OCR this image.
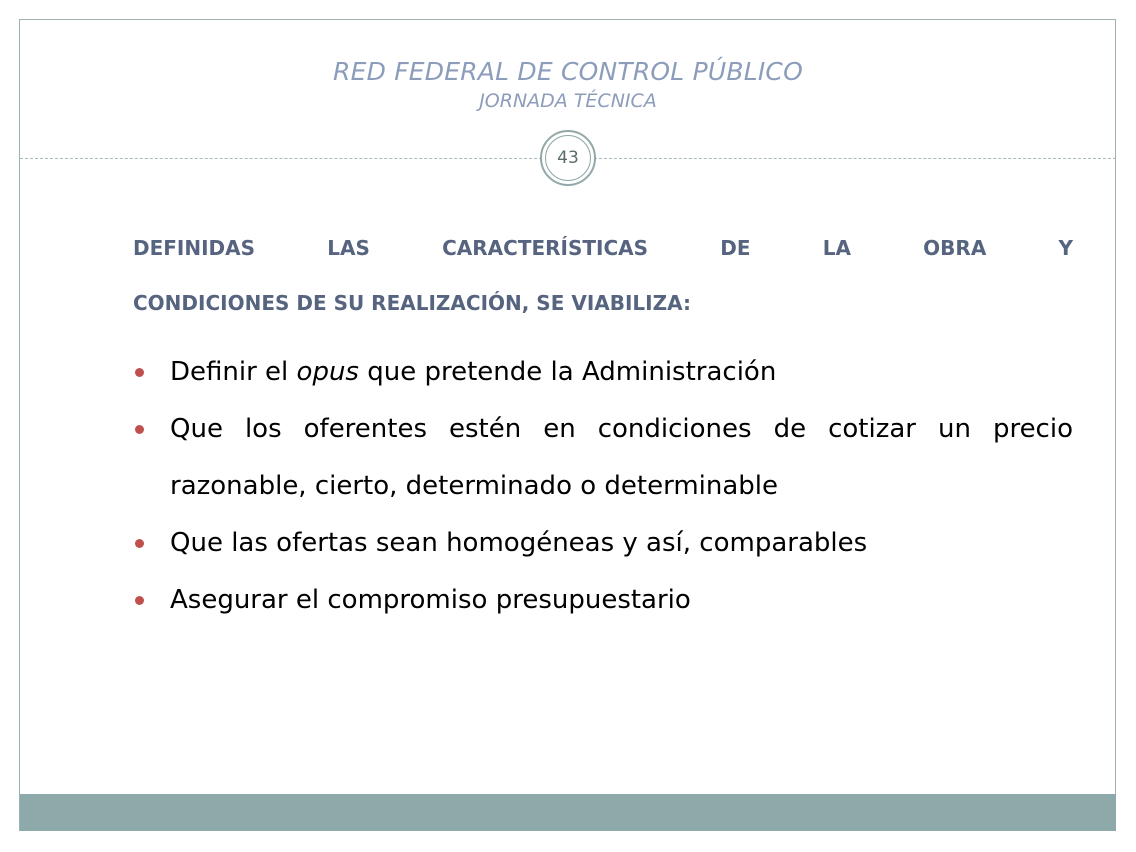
RED FEDERAL DE CONTROL PÚBLICO
JORNADA TÉCNICA
43

DEFINIDAS LAS CARACTERÍSTICAS DE LA OBRA Y
CONDICIONES DE SU REALIZACIÓN, SE VIABILIZA:

Definir el opus que pretende la Administración
Que los oferentes estén en condiciones de cotizar un precio razonable, cierto, determinado o determinable
Que las ofertas sean homogéneas y así, comparables
Asegurar el compromiso presupuestario
